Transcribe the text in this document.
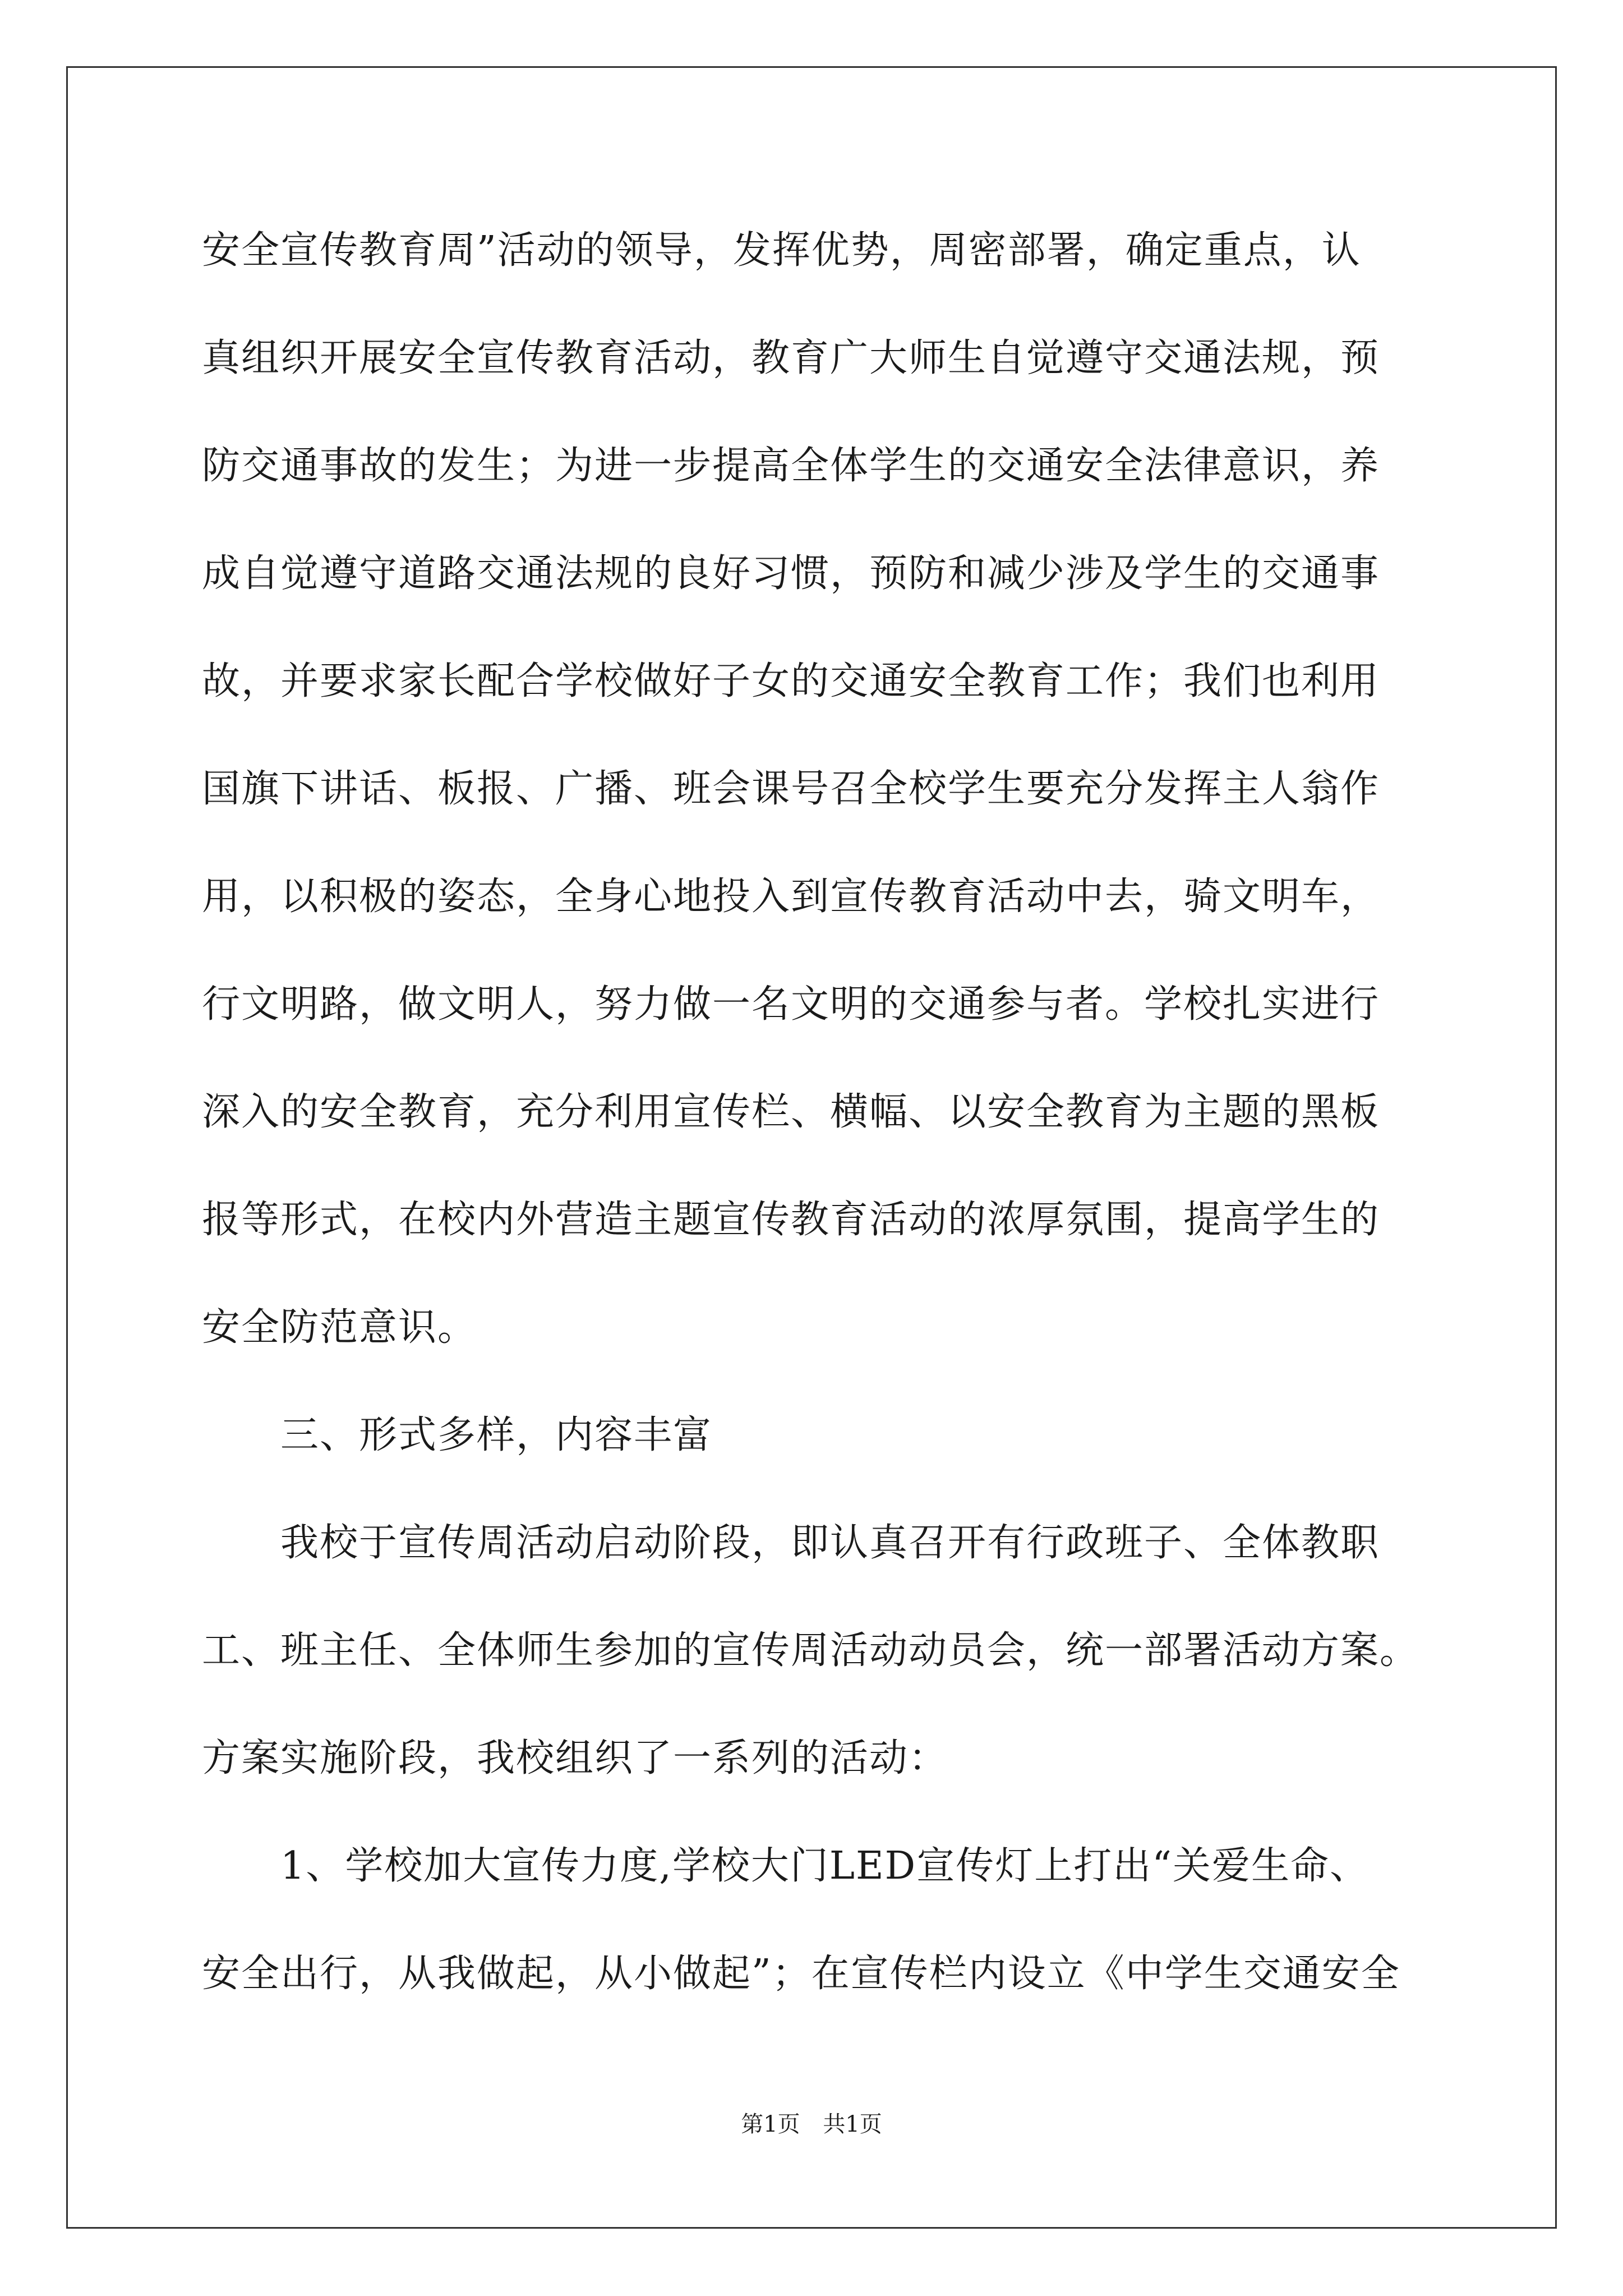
安全宣传教育周”活动的领导，发挥优势，周密部署，确定重点，认
真组织开展安全宣传教育活动，教育广大师生自觉遵守交通法规，预
防交通事故的发生；为进一步提高全体学生的交通安全法律意识，养
成自觉遵守道路交通法规的良好习惯，预防和减少涉及学生的交通事
故，并要求家长配合学校做好子女的交通安全教育工作；我们也利用
国旗下讲话、板报、广播、班会课号召全校学生要充分发挥主人翁作
用，以积极的姿态，全身心地投入到宣传教育活动中去，骑文明车，
行文明路，做文明人，努力做一名文明的交通参与者。学校扎实进行
深入的安全教育，充分利用宣传栏、横幅、以安全教育为主题的黑板
报等形式，在校内外营造主题宣传教育活动的浓厚氛围，提高学生的
安全防范意识。
三、形式多样，内容丰富
我校于宣传周活动启动阶段，即认真召开有行政班子、全体教职
工、班主任、全体师生参加的宣传周活动动员会，统一部署活动方案。
方案实施阶段，我校组织了一系列的活动：
1、学校加大宣传力度,学校大门LED宣传灯上打出“关爱生命、
安全出行，从我做起，从小做起”；在宣传栏内设立《中学生交通安全
第1页 共1页
